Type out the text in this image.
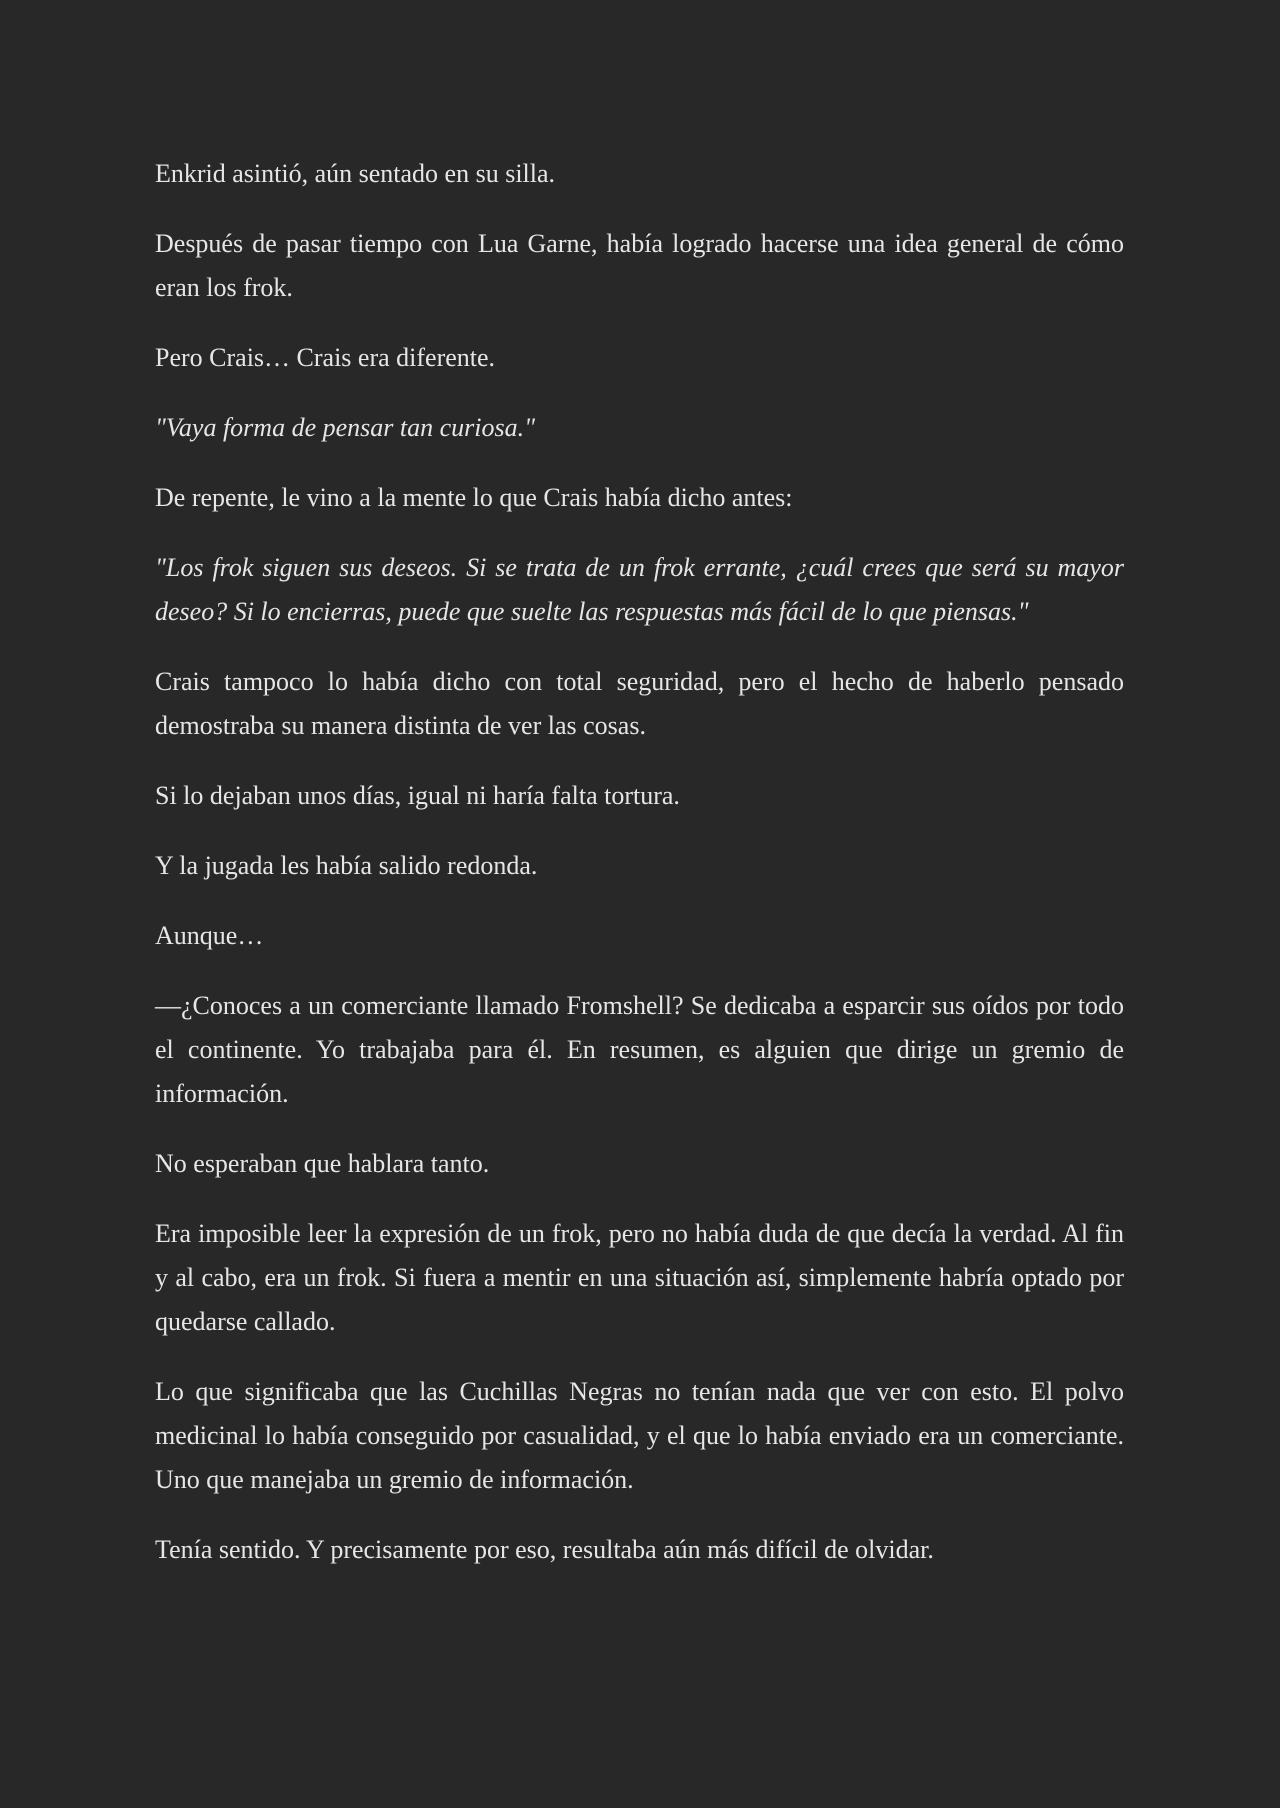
Enkrid asintió, aún sentado en su silla.

Después de pasar tiempo con Lua Garne, había logrado hacerse una idea general de cómo eran los frok.

Pero Crais… Crais era diferente.

"Vaya forma de pensar tan curiosa."

De repente, le vino a la mente lo que Crais había dicho antes:

"Los frok siguen sus deseos. Si se trata de un frok errante, ¿cuál crees que será su mayor deseo? Si lo encierras, puede que suelte las respuestas más fácil de lo que piensas."

Crais tampoco lo había dicho con total seguridad, pero el hecho de haberlo pensado demostraba su manera distinta de ver las cosas.

Si lo dejaban unos días, igual ni haría falta tortura.

Y la jugada les había salido redonda.

Aunque…

—¿Conoces a un comerciante llamado Fromshell? Se dedicaba a esparcir sus oídos por todo el continente. Yo trabajaba para él. En resumen, es alguien que dirige un gremio de información.

No esperaban que hablara tanto.

Era imposible leer la expresión de un frok, pero no había duda de que decía la verdad. Al fin y al cabo, era un frok. Si fuera a mentir en una situación así, simplemente habría optado por quedarse callado.

Lo que significaba que las Cuchillas Negras no tenían nada que ver con esto. El polvo medicinal lo había conseguido por casualidad, y el que lo había enviado era un comerciante. Uno que manejaba un gremio de información.

Tenía sentido. Y precisamente por eso, resultaba aún más difícil de olvidar.
